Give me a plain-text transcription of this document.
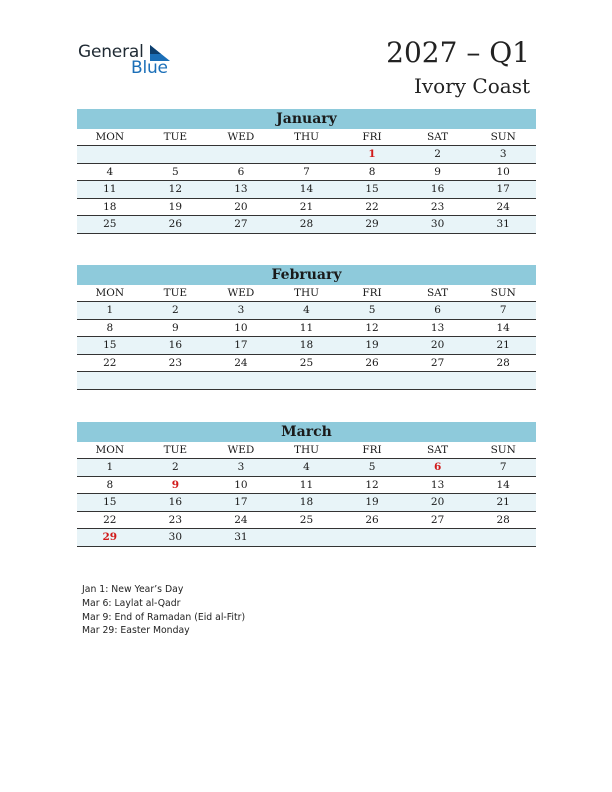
General
Blue	2027 – Q1
Ivory Coast
January
MON	TUE	WED	THU	FRI	SAT	SUN
				1	2	3
4	5	6	7	8	9	10
11	12	13	14	15	16	17
18	19	20	21	22	23	24
25	26	27	28	29	30	31
February
MON	TUE	WED	THU	FRI	SAT	SUN
1	2	3	4	5	6	7
8	9	10	11	12	13	14
15	16	17	18	19	20	21
22	23	24	25	26	27	28

March
MON	TUE	WED	THU	FRI	SAT	SUN
1	2	3	4	5	6	7
8	9	10	11	12	13	14
15	16	17	18	19	20	21
22	23	24	25	26	27	28
29	30	31				
Jan 1: New Year’s Day
Mar 6: Laylat al-Qadr
Mar 9: End of Ramadan (Eid al-Fitr)
Mar 29: Easter Monday
